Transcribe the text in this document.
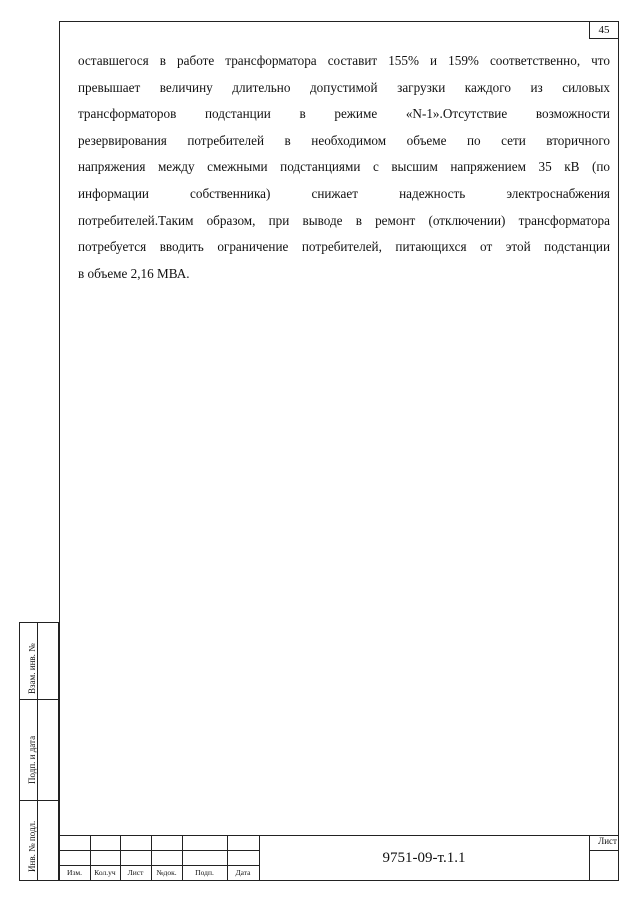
45
оставшегося в работе трансформатора составит 155% и 159% соответственно, что
превышает величину длительно допустимой загрузки каждого из силовых
трансформаторов подстанции в режиме «N-1».Отсутствие возможности
резервирования потребителей в необходимом объеме по сети вторичного
напряжения между смежными подстанциями с высшим напряжением 35 кВ (по
информации собственника) снижает надежность электроснабжения
потребителей.Таким образом, при выводе в ремонт (отключении) трансформатора
потребуется вводить ограничение потребителей, питающихся от этой подстанции
в объеме 2,16 МВА.
Взам. инв. №
Подп. и дата
Инв. № подл.
Изм.	Кол.уч	Лист	№док.	Подп.	Дата
9751-09-т.1.1
Лист
